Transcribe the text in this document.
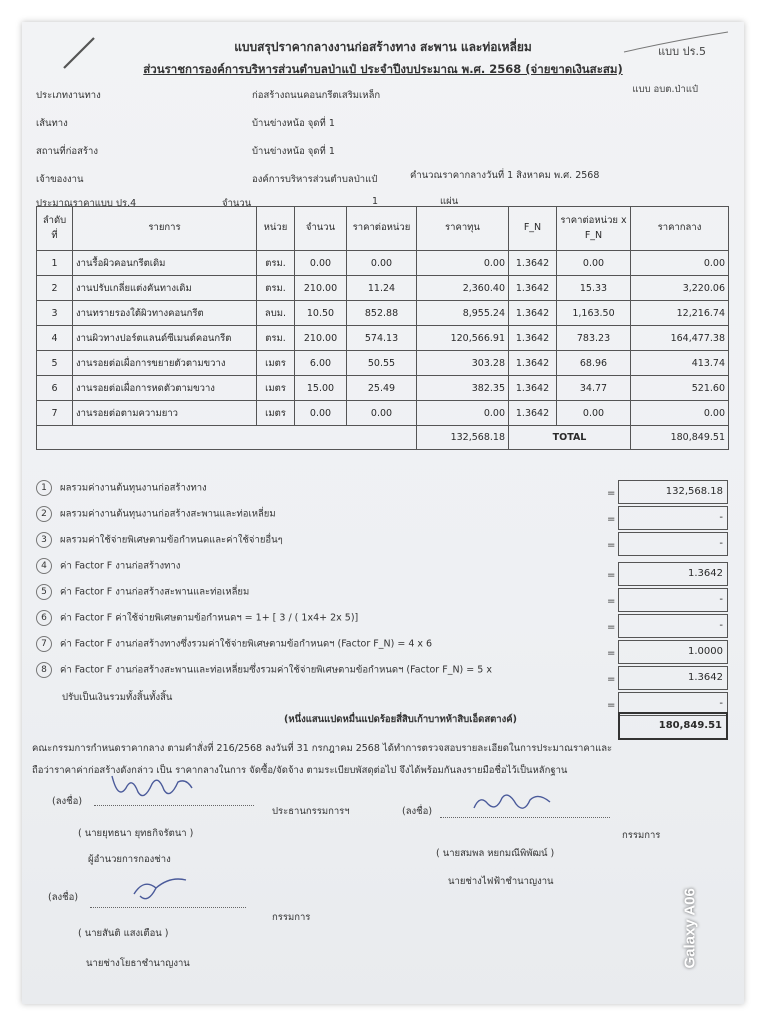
แบบสรุปราคากลางงานก่อสร้างทาง สะพาน และท่อเหลี่ยม
ส่วนราชการองค์การบริหารส่วนตำบลป่าแป๋ ประจำปีงบประมาณ พ.ศ. 2568 (จ่ายขาดเงินสะสม)
แบบ ปร.5
แบบ อบต.ป่าแป๋
ประเภทงานทาง	ก่อสร้างถนนคอนกรีตเสริมเหล็ก
เส้นทาง	บ้านข่างหน้อ จุดที่ 1
สถานที่ก่อสร้าง	บ้านข่างหน้อ จุดที่ 1
เจ้าของงาน	องค์การบริหารส่วนตำบลป่าแป๋	คำนวณราคากลางวันที่ 1 สิงหาคม พ.ศ. 2568
ประมาณราคาแบบ ปร.4	จำนวน	1	แผ่น
ลำดับที่	รายการ	หน่วย	จำนวน	ราคาต่อหน่วย	ราคาทุน	F_N	ราคาต่อหน่วย x F_N	ราคากลาง
1	งานรื้อผิวคอนกรีตเดิม	ตรม.	0.00	0.00	0.00	1.3642	0.00	0.00
2	งานปรับเกลี่ยแต่งคันทางเดิม	ตรม.	210.00	11.24	2,360.40	1.3642	15.33	3,220.06
3	งานทรายรองใต้ผิวทางคอนกรีต	ลบม.	10.50	852.88	8,955.24	1.3642	1,163.50	12,216.74
4	งานผิวทางปอร์ตแลนด์ซีเมนต์คอนกรีต	ตรม.	210.00	574.13	120,566.91	1.3642	783.23	164,477.38
5	งานรอยต่อเผื่อการขยายตัวตามขวาง	เมตร	6.00	50.55	303.28	1.3642	68.96	413.74
6	งานรอยต่อเผื่อการหดตัวตามขวาง	เมตร	15.00	25.49	382.35	1.3642	34.77	521.60
7	งานรอยต่อตามความยาว	เมตร	0.00	0.00	0.00	1.3642	0.00	0.00
					132,568.18	TOTAL		180,849.51
1 ผลรวมค่างานต้นทุนงานก่อสร้างทาง	=	132,568.18
2 ผลรวมค่างานต้นทุนงานก่อสร้างสะพานและท่อเหลี่ยม	=	-
3 ผลรวมค่าใช้จ่ายพิเศษตามข้อกำหนดและค่าใช้จ่ายอื่นๆ	=	-
4 ค่า Factor F งานก่อสร้างทาง
=	1.3642
5 ค่า Factor F งานก่อสร้างสะพานและท่อเหลี่ยม
=	-
6 ค่า Factor F ค่าใช้จ่ายพิเศษตามข้อกำหนดฯ = 1+ [ 3 / ( 1x4+ 2x 5)]
=	-
7 ค่า Factor F งานก่อสร้างทางซึ่งรวมค่าใช้จ่ายพิเศษตามข้อกำหนดฯ (Factor F_N) = 4 x 6
=	1.0000
8 ค่า Factor F งานก่อสร้างสะพานและท่อเหลี่ยมซึ่งรวมค่าใช้จ่ายพิเศษตามข้อกำหนดฯ (Factor F_N) = 5 x
=	1.3642
ปรับเป็นเงินรวมทั้งสิ้นทั้งสิ้น
=	-
(หนึ่งแสนแปดหมื่นแปดร้อยสี่สิบเก้าบาทห้าสิบเอ็ดสตางค์)
180,849.51
คณะกรรมการกำหนดราคากลาง ตามคำสั่งที่ 216/2568 ลงวันที่ 31 กรกฎาคม 2568 ได้ทำการตรวจสอบรายละเอียดในการประมาณราคาและ
ถือว่าราคาค่าก่อสร้างดังกล่าว เป็น ราคากลางในการ จัดซื้อ/จัดจ้าง ตามระเบียบพัสดุต่อไป จึงได้พร้อมกันลงรายมือชื่อไว้เป็นหลักฐาน
(ลงชื่อ)
ประธานกรรมการฯ
( นายยุทธนา ยุทธกิจรัตนา )
ผู้อำนวยการกองช่าง
(ลงชื่อ)
กรรมการ
( นายสมพล หยกมณีพิพัฒน์ )
นายช่างไฟฟ้าชำนาญงาน
(ลงชื่อ)
กรรมการ
( นายสันติ แสงเตือน )
นายช่างโยธาชำนาญงาน	Galaxy A06
